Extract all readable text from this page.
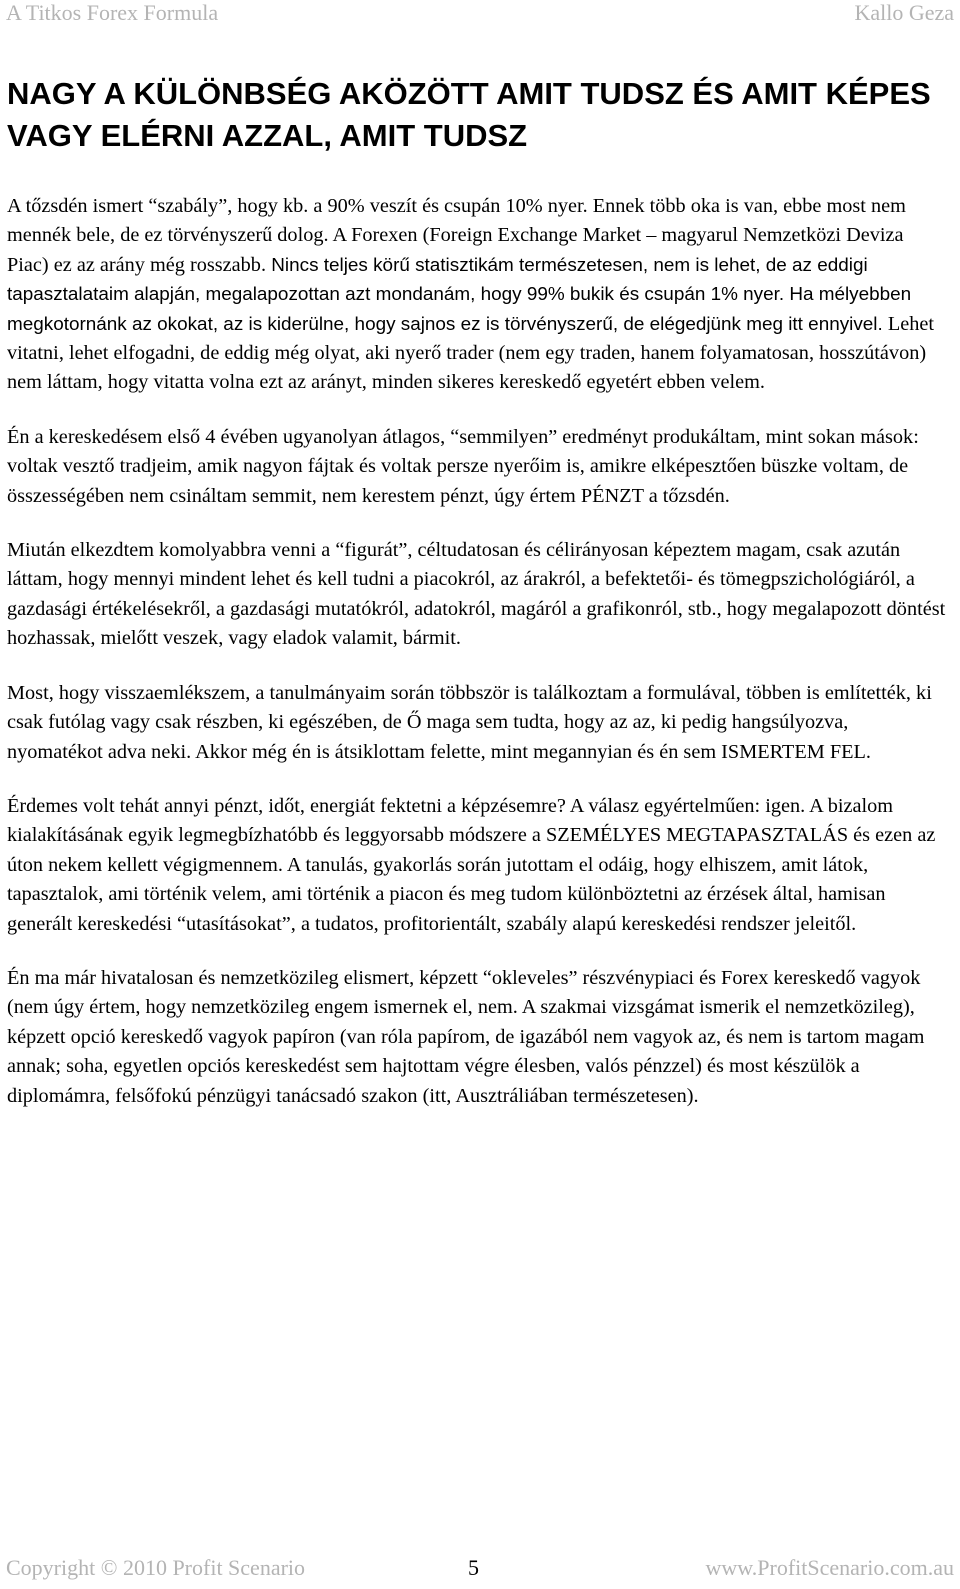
A Titkos Forex Formula	Kallo Geza
NAGY A KÜLÖNBSÉG AKÖZÖTT AMIT TUDSZ ÉS AMIT KÉPES VAGY ELÉRNI AZZAL, AMIT TUDSZ

A tőzsdén ismert “szabály”, hogy kb. a 90% veszít és csupán 10% nyer. Ennek több oka is van, ebbe most nem mennék bele, de ez törvényszerű dolog. A Forexen (Foreign Exchange Market – magyarul Nemzetközi Deviza Piac) ez az arány még rosszabb. Nincs teljes körű statisztikám természetesen, nem is lehet, de az eddigi tapasztalataim alapján, megalapozottan azt mondanám, hogy 99% bukik és csupán 1% nyer. Ha mélyebben megkotornánk az okokat, az is kiderülne, hogy sajnos ez is törvényszerű, de elégedjünk meg itt ennyivel. Lehet vitatni, lehet elfogadni, de eddig még olyat, aki nyerő trader (nem egy traden, hanem folyamatosan, hosszútávon) nem láttam, hogy vitatta volna ezt az arányt, minden sikeres kereskedő egyetért ebben velem.

Én a kereskedésem első 4 évében ugyanolyan átlagos, “semmilyen” eredményt produkáltam, mint sokan mások: voltak vesztő tradjeim, amik nagyon fájtak és voltak persze nyerőim is, amikre elképesztően büszke voltam, de összességében nem csináltam semmit, nem kerestem pénzt, úgy értem PÉNZT a tőzsdén.

Miután elkezdtem komolyabbra venni a “figurát”, céltudatosan és célirányosan képeztem magam, csak azután láttam, hogy mennyi mindent lehet és kell tudni a piacokról, az árakról, a befektetői- és tömegpszichológiáról, a gazdasági értékelésekről, a gazdasági mutatókról, adatokról, magáról a grafikonról, stb., hogy megalapozott döntést hozhassak, mielőtt veszek, vagy eladok valamit, bármit.

Most, hogy visszaemlékszem, a tanulmányaim során többször is találkoztam a formulával, többen is említették, ki csak futólag vagy csak részben, ki egészében, de Ő maga sem tudta, hogy az az, ki pedig hangsúlyozva, nyomatékot adva neki. Akkor még én is átsiklottam felette, mint megannyian és én sem ISMERTEM FEL.

Érdemes volt tehát annyi pénzt, időt, energiát fektetni a képzésemre? A válasz egyértelműen: igen. A bizalom kialakításának egyik legmegbízhatóbb és leggyorsabb módszere a SZEMÉLYES MEGTAPASZTALÁS és ezen az úton nekem kellett végigmennem. A tanulás, gyakorlás során jutottam el odáig, hogy elhiszem, amit látok, tapasztalok, ami történik velem, ami történik a piacon és meg tudom különböztetni az érzések által, hamisan generált kereskedési “utasításokat”, a tudatos, profitorientált, szabály alapú kereskedési rendszer jeleitől.

Én ma már hivatalosan és nemzetközileg elismert, képzett “okleveles” részvénypiaci és Forex kereskedő vagyok (nem úgy értem, hogy nemzetközileg engem ismernek el, nem. A szakmai vizsgámat ismerik el nemzetközileg), képzett opció kereskedő vagyok papíron (van róla papírom, de igazából nem vagyok az, és nem is tartom magam annak; soha, egyetlen opciós kereskedést sem hajtottam végre élesben, valós pénzzel) és most készülök a diplomámra, felsőfokú pénzügyi tanácsadó szakon (itt, Ausztráliában természetesen).

Copyright © 2010 Profit Scenario	5	www.ProfitScenario.com.au
